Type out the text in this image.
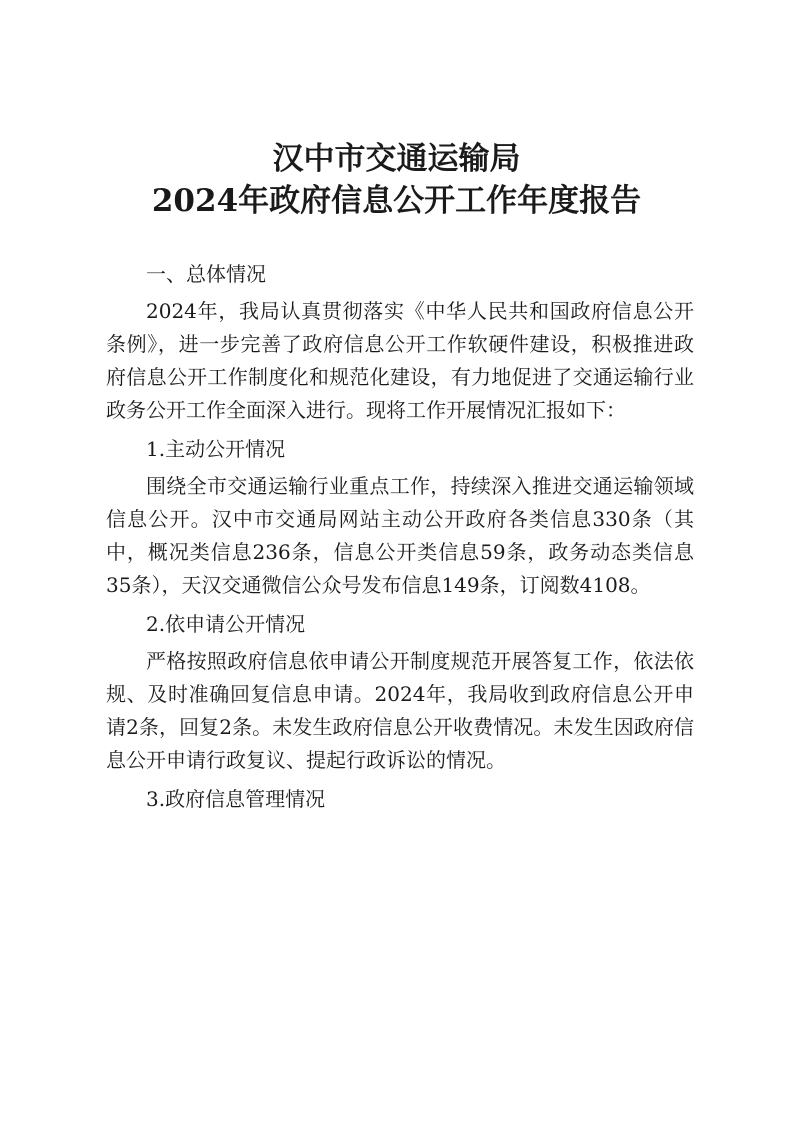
汉中市交通运输局
2024年政府信息公开工作年度报告
一、总体情况

2024年，我局认真贯彻落实《中华人民共和国政府信息公开条例》，进一步完善了政府信息公开工作软硬件建设，积极推进政府信息公开工作制度化和规范化建设，有力地促进了交通运输行业政务公开工作全面深入进行。现将工作开展情况汇报如下：

1.主动公开情况

围绕全市交通运输行业重点工作，持续深入推进交通运输领域信息公开。汉中市交通局网站主动公开政府各类信息330条（其中，概况类信息236条，信息公开类信息59条，政务动态类信息35条），天汉交通微信公众号发布信息149条，订阅数4108。

2.依申请公开情况

严格按照政府信息依申请公开制度规范开展答复工作，依法依规、及时准确回复信息申请。2024年，我局收到政府信息公开申请2条，回复2条。未发生政府信息公开收费情况。未发生因政府信息公开申请行政复议、提起行政诉讼的情况。

3.政府信息管理情况
